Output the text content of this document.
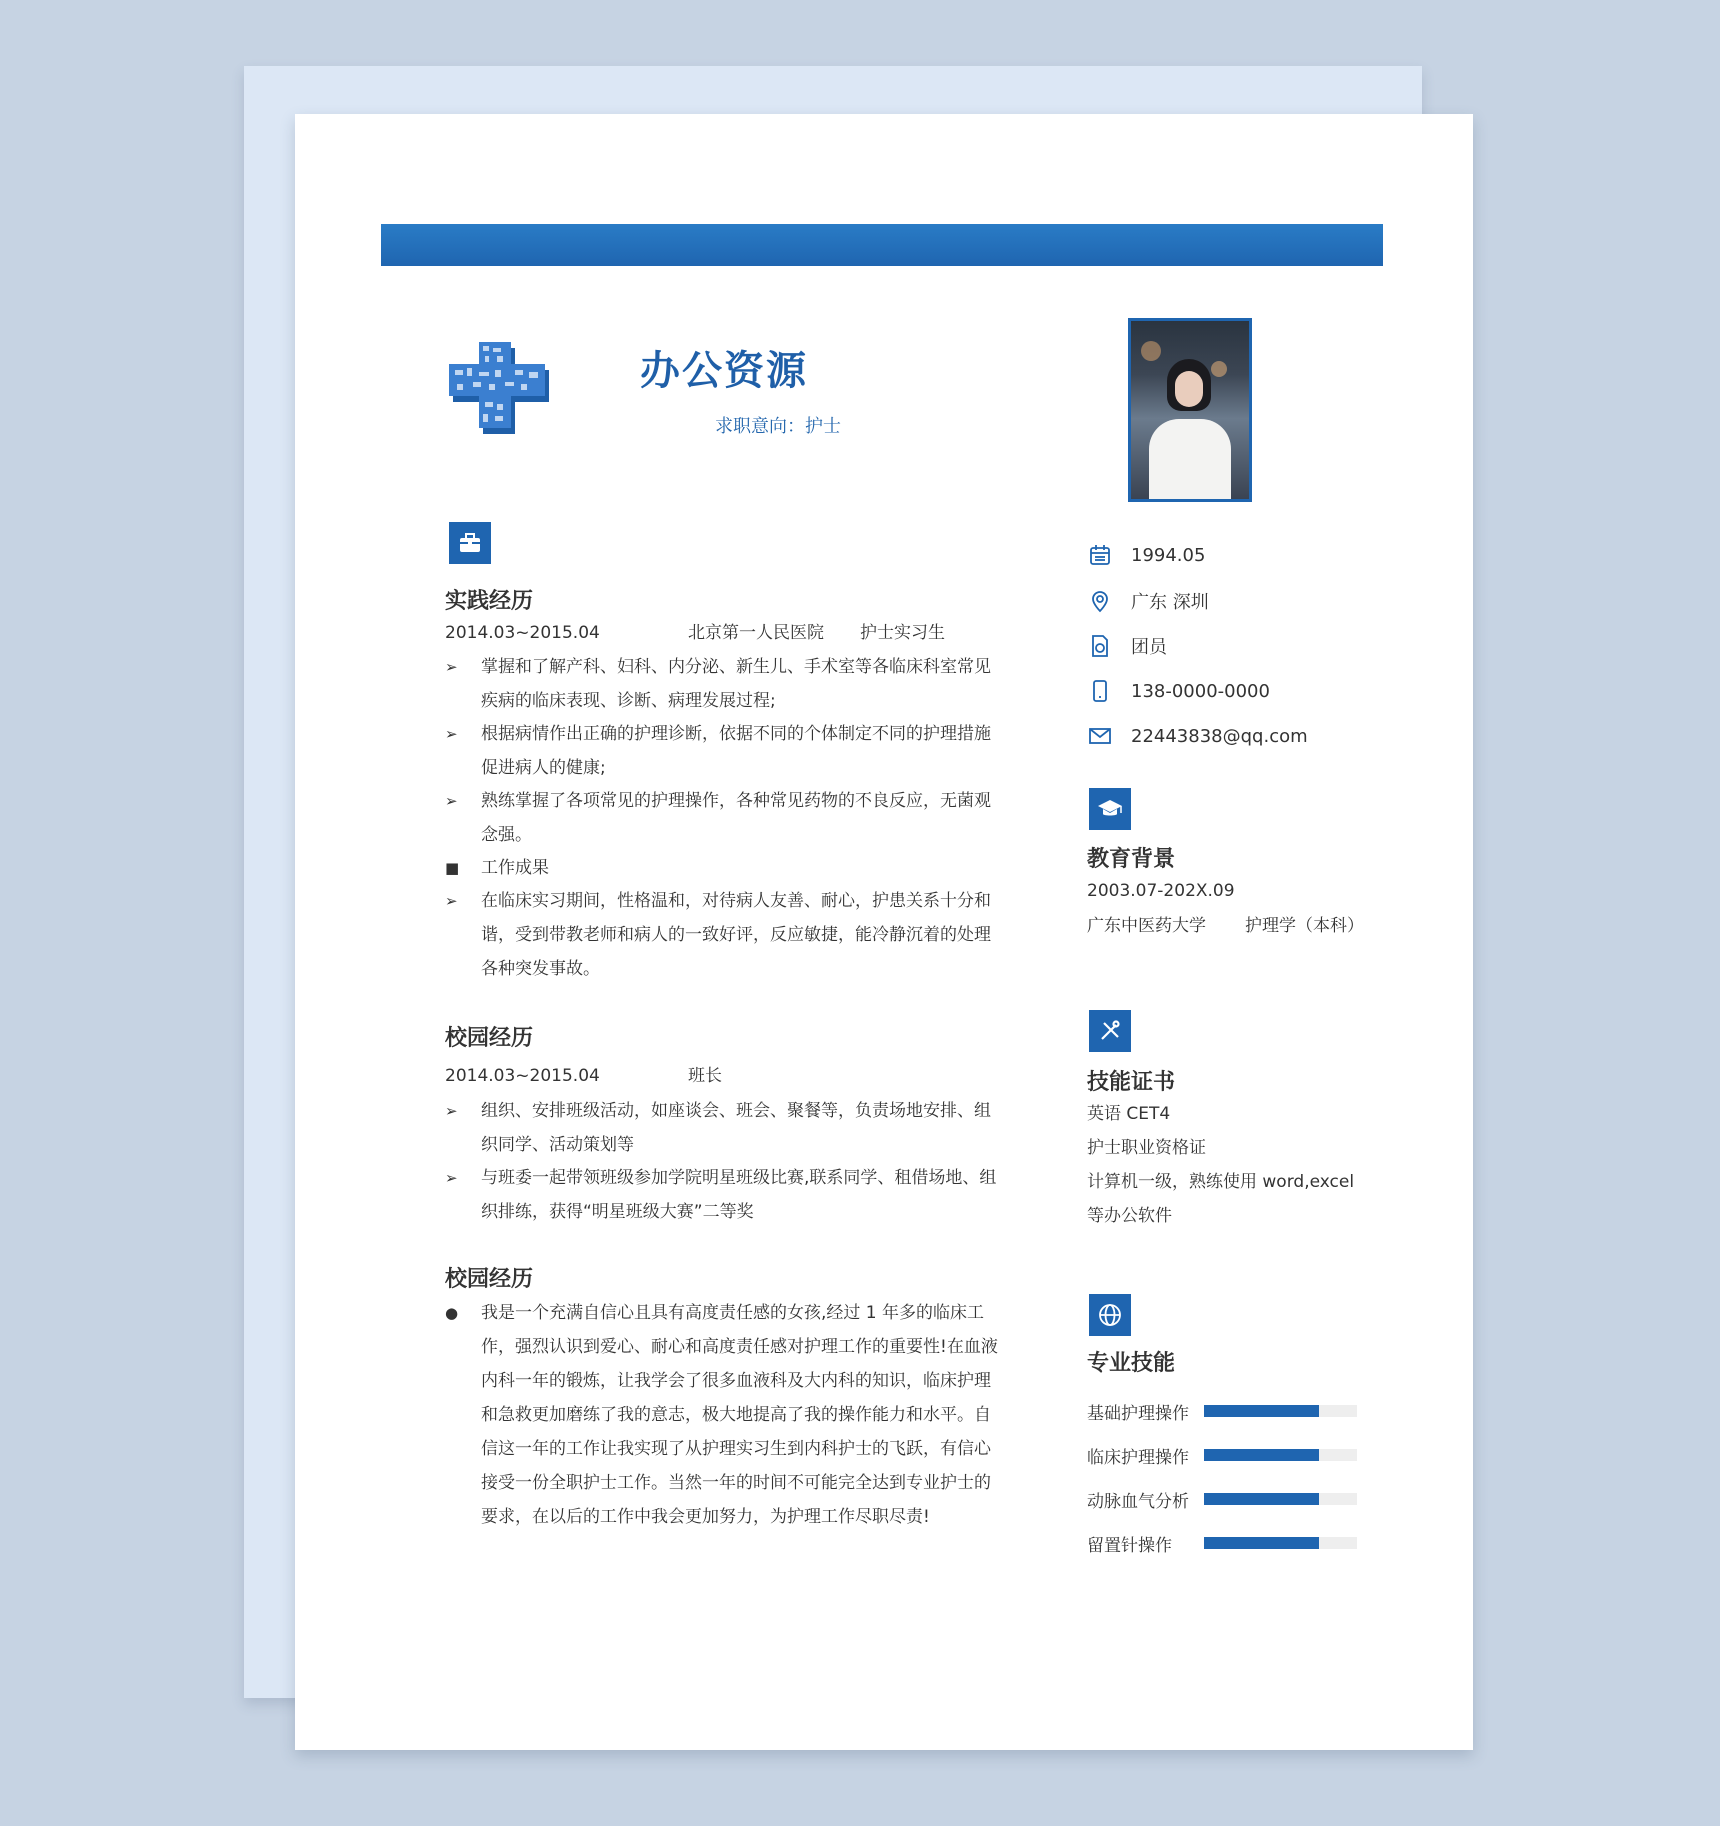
办公资源
求职意向：护士
实践经历
2014.03~2015.04	北京第一人民医院 护士实习生
➢	掌握和了解产科、妇科、内分泌、新生儿、手术室等各临床科室常见疾病的临床表现、诊断、病理发展过程;
➢	根据病情作出正确的护理诊断，依据不同的个体制定不同的护理措施促进病人的健康;
➢	熟练掌握了各项常见的护理操作，各种常见药物的不良反应，无菌观念强。
■	工作成果
➢	在临床实习期间，性格温和，对待病人友善、耐心，护患关系十分和谐，受到带教老师和病人的一致好评，反应敏捷，能冷静沉着的处理各种突发事故。
校园经历
2014.03~2015.04	班长
➢	组织、安排班级活动，如座谈会、班会、聚餐等，负责场地安排、组织同学、活动策划等
➢	与班委一起带领班级参加学院明星班级比赛,联系同学、租借场地、组织排练，获得“明星班级大赛”二等奖
校园经历
●	我是一个充满自信心且具有高度责任感的女孩,经过 1 年多的临床工作，强烈认识到爱心、耐心和高度责任感对护理工作的重要性!在血液内科一年的锻炼，让我学会了很多血液科及大内科的知识，临床护理和急救更加磨练了我的意志，极大地提高了我的操作能力和水平。自信这一年的工作让我实现了从护理实习生到内科护士的飞跃，有信心接受一份全职护士工作。当然一年的时间不可能完全达到专业护士的要求，在以后的工作中我会更加努力，为护理工作尽职尽责!
1994.05
广东 深圳
团员
138-0000-0000
22443838@qq.com
教育背景
2003.07-202X.09
广东中医药大学 护理学（本科）
技能证书
英语 CET4
护士职业资格证
计算机一级，熟练使用 word,excel
等办公软件
专业技能
基础护理操作
临床护理操作
动脉血气分析
留置针操作
